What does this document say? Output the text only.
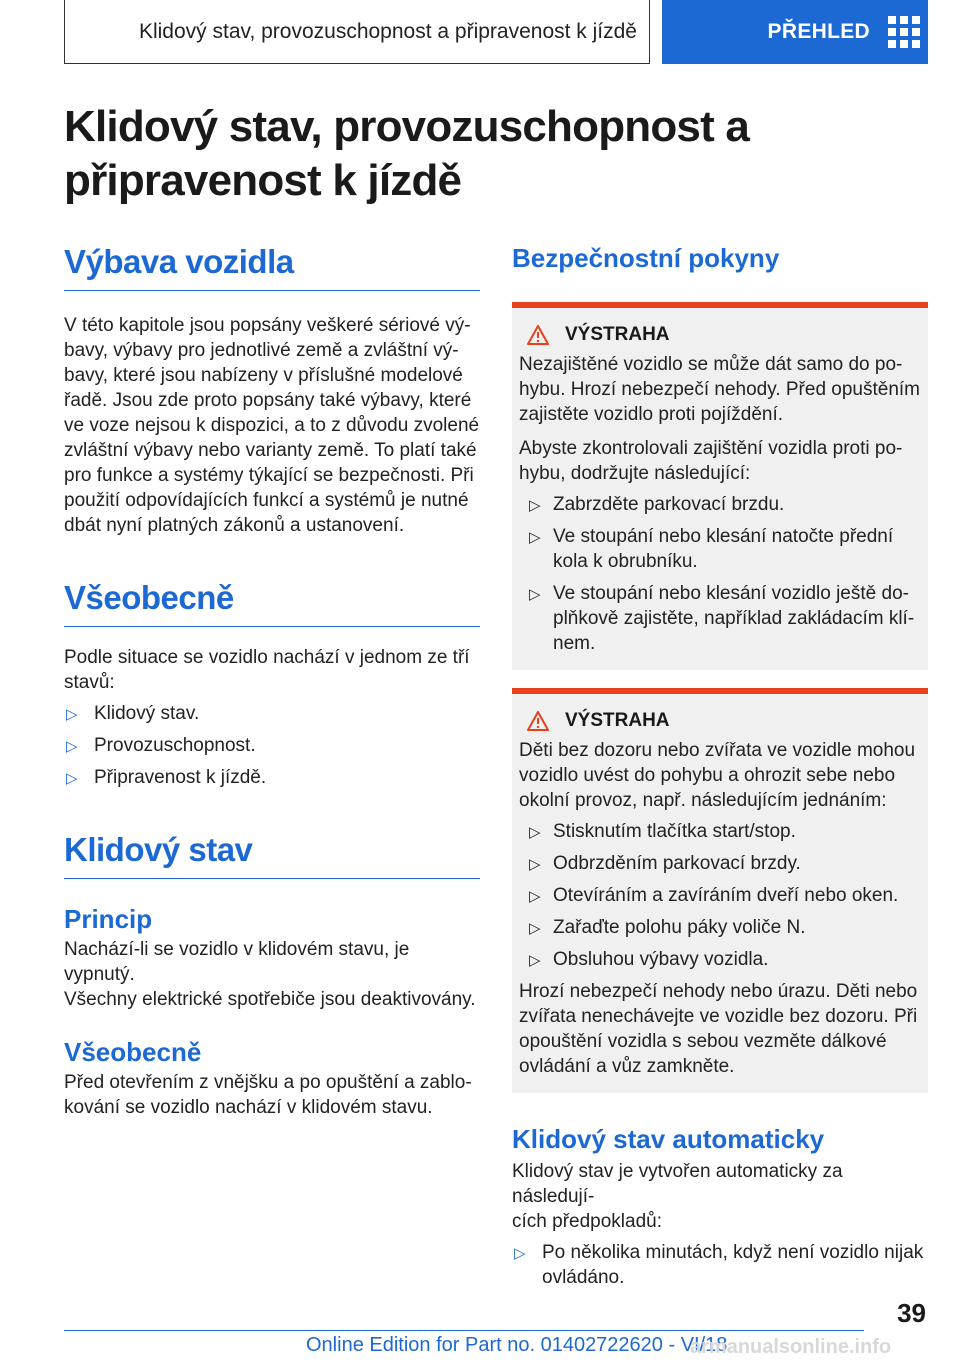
Klidový stav, provozuschopnost a připravenost k jízdě	PŘEHLED
Klidový stav, provozuschopnost a
připravenost k jízdě
Výbava vozidla

V této kapitole jsou popsány veškeré sériové vý-
bavy, výbavy pro jednotlivé země a zvláštní vý-
bavy, které jsou nabízeny v příslušné modelové
řadě. Jsou zde proto popsány také výbavy, které
ve voze nejsou k dispozici, a to z důvodu zvolené
zvláštní výbavy nebo varianty země. To platí také
pro funkce a systémy týkající se bezpečnosti. Při
použití odpovídajících funkcí a systémů je nutné
dbát nyní platných zákonů a ustanovení.

Všeobecně

Podle situace se vozidlo nachází v jednom ze tří
stavů:

▷ Klidový stav.
▷ Provozuschopnost.
▷ Připravenost k jízdě.
Klidový stav
Princip

Nachází-li se vozidlo v klidovém stavu, je vypnutý.
Všechny elektrické spotřebiče jsou deaktivovány.

Všeobecně

Před otevřením z vnějšku a po opuštění a zablo-
kování se vozidlo nachází v klidovém stavu.

Bezpečnostní pokyny
VÝSTRAHA

Nezajištěné vozidlo se může dát samo do po-
hybu. Hrozí nebezpečí nehody. Před opuštěním
zajistěte vozidlo proti pojíždění.

Abyste zkontrolovali zajištění vozidla proti po-
hybu, dodržujte následující:

▷ Zabrzděte parkovací brzdu.
▷ Ve stoupání nebo klesání natočte přední
kola k obrubníku.
▷ Ve stoupání nebo klesání vozidlo ještě do-
plňkově zajistěte, například zakládacím klí-
nem.
VÝSTRAHA

Děti bez dozoru nebo zvířata ve vozidle mohou
vozidlo uvést do pohybu a ohrozit sebe nebo
okolní provoz, např. následujícím jednáním:

▷ Stisknutím tlačítka start/stop.
▷ Odbrzděním parkovací brzdy.
▷ Otevíráním a zavíráním dveří nebo oken.
▷ Zařaďte polohu páky voliče N.
▷ Obsluhou výbavy vozidla.

Hrozí nebezpečí nehody nebo úrazu. Děti nebo
zvířata nenechávejte ve vozidle bez dozoru. Při
opouštění vozidla s sebou vezměte dálkové
ovládání a vůz zamkněte.

Klidový stav automaticky

Klidový stav je vytvořen automaticky za následují-
cích předpokladů:

▷ Po několika minutách, když není vozidlo nijak
ovládáno.
39
Online Edition for Part no. 01402722620 - VI/18
armanualsonline.info
